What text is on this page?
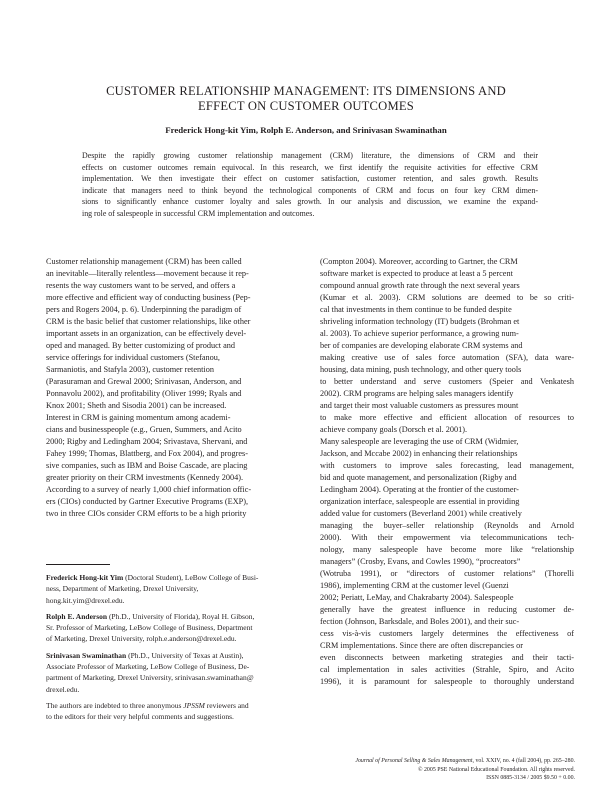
CUSTOMER RELATIONSHIP MANAGEMENT: ITS DIMENSIONS AND
EFFECT ON CUSTOMER OUTCOMES
Frederick Hong-kit Yim, Rolph E. Anderson, and Srinivasan Swaminathan
Despite the rapidly growing customer relationship management (CRM) literature, the dimensions of CRM and their
effects on customer outcomes remain equivocal. In this research, we first identify the requisite activities for effective CRM
implementation. We then investigate their effect on customer satisfaction, customer retention, and sales growth. Results
indicate that managers need to think beyond the technological components of CRM and focus on four key CRM dimen-
sions to significantly enhance customer loyalty and sales growth. In our analysis and discussion, we examine the expand-
ing role of salespeople in successful CRM implementation and outcomes.
Customer relationship management (CRM) has been called
an inevitable—literally relentless—movement because it rep-
resents the way customers want to be served, and offers a
more effective and efficient way of conducting business (Pep-
pers and Rogers 2004, p. 6). Underpinning the paradigm of
CRM is the basic belief that customer relationships, like other
important assets in an organization, can be effectively devel-
oped and managed. By better customizing of product and
service offerings for individual customers (Stefanou,
Sarmaniotis, and Stafyla 2003), customer retention
(Parasuraman and Grewal 2000; Srinivasan, Anderson, and
Ponnavolu 2002), and profitability (Oliver 1999; Ryals and
Knox 2001; Sheth and Sisodia 2001) can be increased.
Interest in CRM is gaining momentum among academi-
cians and businesspeople (e.g., Gruen, Summers, and Acito
2000; Rigby and Ledingham 2004; Srivastava, Shervani, and
Fahey 1999; Thomas, Blattberg, and Fox 2004), and progres-
sive companies, such as IBM and Boise Cascade, are placing
greater priority on their CRM investments (Kennedy 2004).
According to a survey of nearly 1,000 chief information offic-
ers (CIOs) conducted by Gartner Executive Programs (EXP),
two in three CIOs consider CRM efforts to be a high priority
(Compton 2004). Moreover, according to Gartner, the CRM
software market is expected to produce at least a 5 percent
compound annual growth rate through the next several years
(Kumar et al. 2003). CRM solutions are deemed to be so criti-
cal that investments in them continue to be funded despite
shriveling information technology (IT) budgets (Brohman et
al. 2003). To achieve superior performance, a growing num-
ber of companies are developing elaborate CRM systems and
making creative use of sales force automation (SFA), data ware-
housing, data mining, push technology, and other query tools
to better understand and serve customers (Speier and Venkatesh
2002). CRM programs are helping sales managers identify
and target their most valuable customers as pressures mount
to make more effective and efficient allocation of resources to
achieve company goals (Dorsch et al. 2001).
Many salespeople are leveraging the use of CRM (Widmier,
Jackson, and Mccabe 2002) in enhancing their relationships
with customers to improve sales forecasting, lead management,
bid and quote management, and personalization (Rigby and
Ledingham 2004). Operating at the frontier of the customer-
organization interface, salespeople are essential in providing
added value for customers (Beverland 2001) while creatively
managing the buyer–seller relationship (Reynolds and Arnold
2000). With their empowerment via telecommunications tech-
nology, many salespeople have become more like “relationship
managers” (Crosby, Evans, and Cowles 1990), “procreators”
(Wotruba 1991), or “directors of customer relations” (Thorelli
1986), implementing CRM at the customer level (Guenzi
2002; Periatt, LeMay, and Chakrabarty 2004). Salespeople
generally have the greatest influence in reducing customer de-
fection (Johnson, Barksdale, and Boles 2001), and their suc-
cess vis-à-vis customers largely determines the effectiveness of
CRM implementations. Since there are often discrepancies or
even disconnects between marketing strategies and their tacti-
cal implementation in sales activities (Strahle, Spiro, and Acito
1996), it is paramount for salespeople to thoroughly understand
Frederick Hong-kit Yim (Doctoral Student), LeBow College of Busi-
ness, Department of Marketing, Drexel University,
hong.kit.yim@drexel.edu.
Rolph E. Anderson (Ph.D., University of Florida), Royal H. Gibson,
Sr. Professor of Marketing, LeBow College of Business, Department
of Marketing, Drexel University, rolph.e.anderson@drexel.edu.
Srinivasan Swaminathan (Ph.D., University of Texas at Austin),
Associate Professor of Marketing, LeBow College of Business, De-
partment of Marketing, Drexel University, srinivasan.swaminathan@
drexel.edu.
The authors are indebted to three anonymous JPSSM reviewers and
to the editors for their very helpful comments and suggestions.
Journal of Personal Selling & Sales Management, vol. XXIV, no. 4 (fall 2004), pp. 265–280.
© 2005 PSE National Educational Foundation. All rights reserved.
ISSN 0885-3134 / 2005 $9.50 + 0.00.
